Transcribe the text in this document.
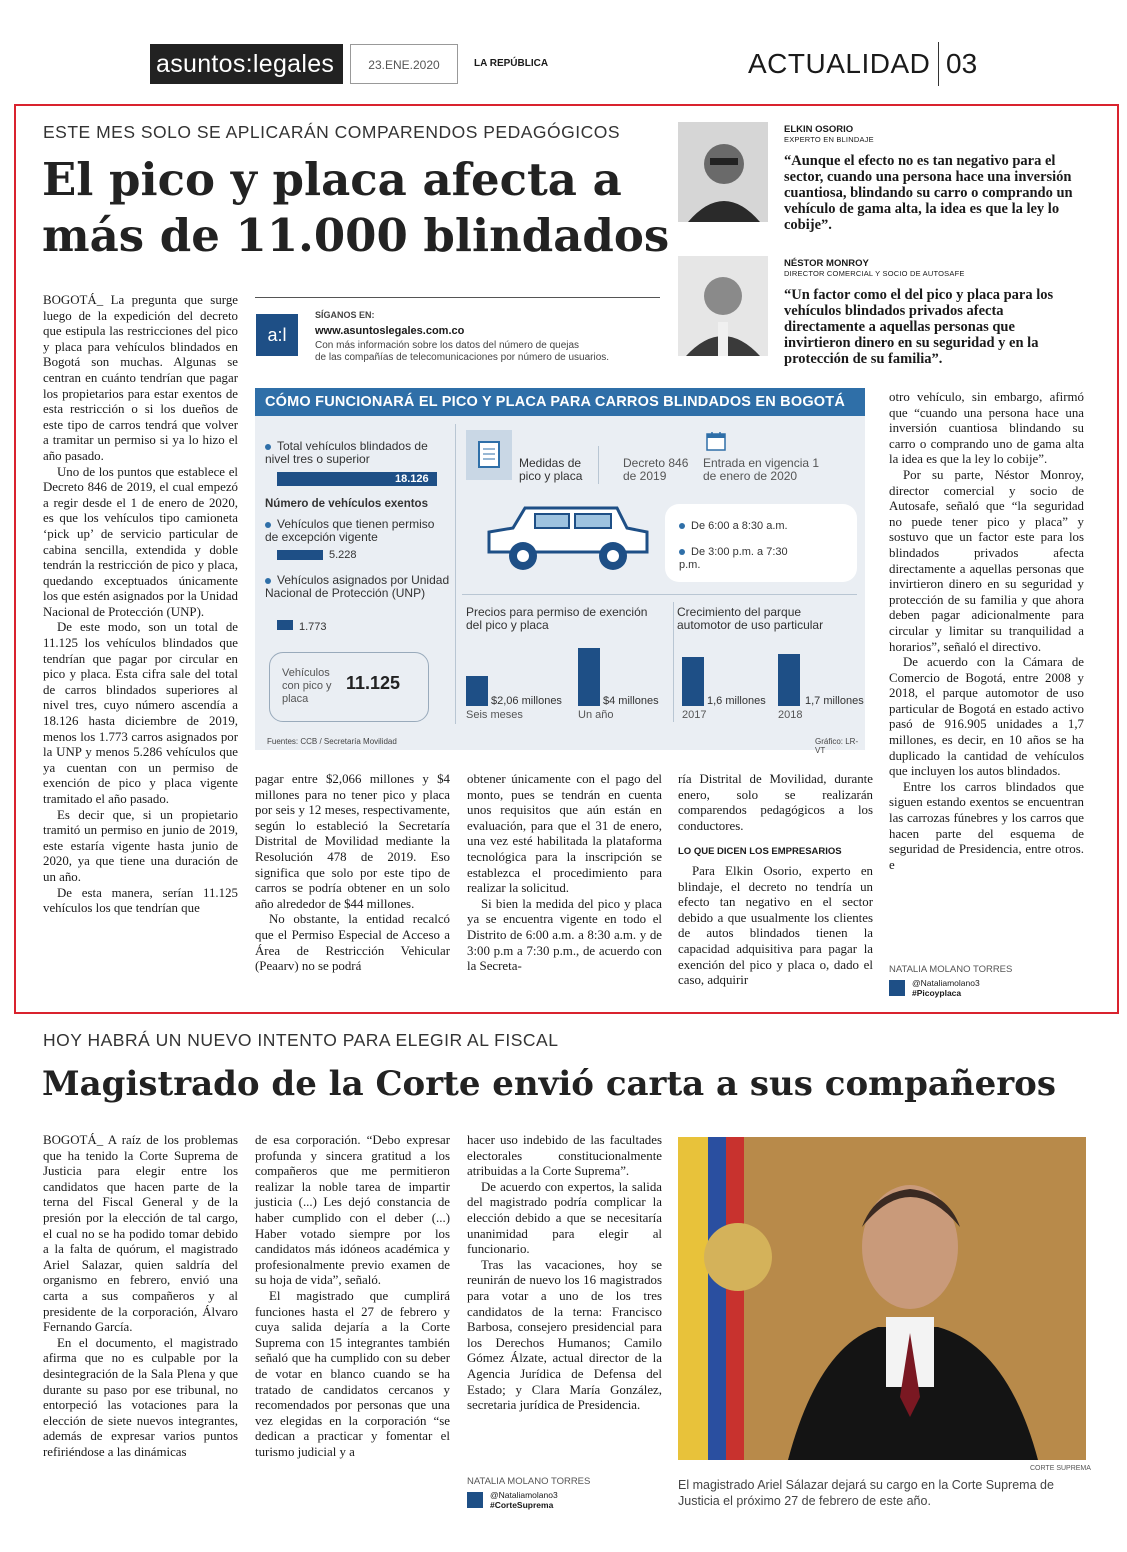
asuntos:legales	23.ENE.2020	LA REPÚBLICA	ACTUALIDAD 03
ESTE MES SOLO SE APLICARÁN COMPARENDOS PEDAGÓGICOS
El pico y placa afecta a
más de 11.000 blindados
ELKIN OSORIO
EXPERTO EN BLINDAJE
“Aunque el efecto no es tan negativo para el sector, cuando una persona hace una inversión cuantiosa, blindando su carro o comprando un vehículo de gama alta, la idea es que la ley lo cobije”.
NÉSTOR MONROY
DIRECTOR COMERCIAL Y SOCIO DE AUTOSAFE
“Un factor como el del pico y placa para los vehículos blindados privados afecta directamente a aquellas personas que invirtieron dinero en su seguridad y en la protección de su familia”.
a:l
SÍGANOS EN:
www.asuntoslegales.com.co
Con más información sobre los datos del número de quejas
de las compañías de telecomunicaciones por número de usuarios.

BOGOTÁ_ La pregunta que surge luego de la expedición del decreto que estipula las restricciones del pico y placa para vehículos blindados en Bogotá son muchas. Algunas se centran en cuánto tendrían que pagar los propietarios para estar exentos de esta restricción o si los dueños de este tipo de carros tendrá que volver a tramitar un permiso si ya lo hizo el año pasado.

Uno de los puntos que establece el Decreto 846 de 2019, el cual empezó a regir desde el 1 de enero de 2020, es que los vehículos tipo camioneta ‘pick up’ de servicio particular de cabina sencilla, extendida y doble tendrán la restricción de pico y placa, quedando exceptuados únicamente los que estén asignados por la Unidad Nacional de Protección (UNP).

De este modo, son un total de 11.125 los vehículos blindados que tendrían que pagar por circular en pico y placa. Esta cifra sale del total de carros blindados superiores al nivel tres, cuyo número ascendía a 18.126 hasta diciembre de 2019, menos los 1.773 carros asignados por la UNP y menos 5.286 vehículos que ya cuentan con un permiso de exención de pico y placa vigente tramitado el año pasado.

Es decir que, si un propietario tramitó un permiso en junio de 2019, este estaría vigente hasta junio de 2020, ya que tiene una duración de un año.

De esta manera, serían 11.125 vehículos los que tendrían que

CÓMO FUNCIONARÁ EL PICO Y PLACA PARA CARROS BLINDADOS EN BOGOTÁ
Total vehículos blindados de nivel tres o superior
18.126
Número de vehículos exentos
Vehículos que tienen permiso de excepción vigente
5.228
Vehículos asignados por Unidad Nacional de Protección (UNP)
1.773
Vehículos con pico y placa
11.125
Medidas de pico y placa
Decreto 846 de 2019
Entrada en vigencia 1 de enero de 2020
De 6:00 a 8:30 a.m.
De 3:00 p.m. a 7:30 p.m.
Precios para permiso de exención del pico y placa
Crecimiento del parque automotor de uso particular
$2,06 millones
Seis meses
$4 millones
Un año
1,6 millones
2017
1,7 millones
2018
Fuentes: CCB / Secretaría Movilidad	Gráfico: LR-VT

pagar entre $2,066 millones y $4 millones para no tener pico y placa por seis y 12 meses, respectivamente, según lo estableció la Secretaría Distrital de Movilidad mediante la Resolución 478 de 2019. Eso significa que solo por este tipo de carros se podría obtener en un solo año alrededor de $44 millones.

No obstante, la entidad recalcó que el Permiso Especial de Acceso a Área de Restricción Vehicular (Peaarv) no se podrá

obtener únicamente con el pago del monto, pues se tendrán en cuenta unos requisitos que aún están en evaluación, para que el 31 de enero, una vez esté habilitada la plataforma tecnológica para la inscripción se establezca el procedimiento para realizar la solicitud.

Si bien la medida del pico y placa ya se encuentra vigente en todo el Distrito de 6:00 a.m. a 8:30 a.m. y de 3:00 p.m a 7:30 p.m., de acuerdo con la Secreta-

ría Distrital de Movilidad, durante enero, solo se realizarán comparendos pedagógicos a los conductores.

LO QUE DICEN LOS EMPRESARIOS

Para Elkin Osorio, experto en blindaje, el decreto no tendría un efecto tan negativo en el sector debido a que usualmente los clientes de autos blindados tienen la capacidad adquisitiva para pagar la exención del pico y placa o, dado el caso, adquirir

otro vehículo, sin embargo, afirmó que “cuando una persona hace una inversión cuantiosa blindando su carro o comprando uno de gama alta la idea es que la ley lo cobije”.

Por su parte, Néstor Monroy, director comercial y socio de Autosafe, señaló que “la seguridad no puede tener pico y placa” y sostuvo que un factor este para los blindados privados afecta directamente a aquellas personas que invirtieron dinero en su seguridad y protección de su familia y que ahora deben pagar adicionalmente para circular y limitar su tranquilidad a horarios”, señaló el directivo.

De acuerdo con la Cámara de Comercio de Bogotá, entre 2008 y 2018, el parque automotor de uso particular de Bogotá en estado activo pasó de 916.905 unidades a 1,7 millones, es decir, en 10 años se ha duplicado la cantidad de vehículos que incluyen los autos blindados.

Entre los carros blindados que siguen estando exentos se encuentran las carrozas fúnebres y los carros que hacen parte del esquema de seguridad de Presidencia, entre otros. e

NATALIA MOLANO TORRES
@Nataliamolano3
#Picoyplaca
HOY HABRÁ UN NUEVO INTENTO PARA ELEGIR AL FISCAL
Magistrado de la Corte envió carta a sus compañeros

BOGOTÁ_ A raíz de los problemas que ha tenido la Corte Suprema de Justicia para elegir entre los candidatos que hacen parte de la terna del Fiscal General y de la presión por la elección de tal cargo, el cual no se ha podido tomar debido a la falta de quórum, el magistrado Ariel Salazar, quien saldría del organismo en febrero, envió una carta a sus compañeros y al presidente de la corporación, Álvaro Fernando García.

En el documento, el magistrado afirma que no es culpable por la desintegración de la Sala Plena y que durante su paso por ese tribunal, no entorpeció las votaciones para la elección de siete nuevos integrantes, además de expresar varios puntos refiriéndose a las dinámicas

de esa corporación. “Debo expresar profunda y sincera gratitud a los compañeros que me permitieron realizar la noble tarea de impartir justicia (...) Les dejó constancia de haber cumplido con el deber (...) Haber votado siempre por los candidatos más idóneos académica y profesionalmente previo examen de su hoja de vida”, señaló.

El magistrado que cumplirá funciones hasta el 27 de febrero y cuya salida dejaría a la Corte Suprema con 15 integrantes también señaló que ha cumplido con su deber de votar en blanco cuando se ha tratado de candidatos cercanos y recomendados por personas que una vez elegidas en la corporación “se dedican a practicar y fomentar el turismo judicial y a

hacer uso indebido de las facultades electorales constitucionalmente atribuidas a la Corte Suprema”.

De acuerdo con expertos, la salida del magistrado podría complicar la elección debido a que se necesitaría unanimidad para elegir al funcionario.

Tras las vacaciones, hoy se reunirán de nuevo los 16 magistrados para votar a uno de los tres candidatos de la terna: Francisco Barbosa, consejero presidencial para los Derechos Humanos; Camilo Gómez Álzate, actual director de la Agencia Jurídica de Defensa del Estado; y Clara María González, secretaria jurídica de Presidencia.

NATALIA MOLANO TORRES
@Nataliamolano3
#CorteSuprema
CORTE SUPREMA
El magistrado Ariel Sálazar dejará su cargo en la Corte Suprema de Justicia el próximo 27 de febrero de este año.
